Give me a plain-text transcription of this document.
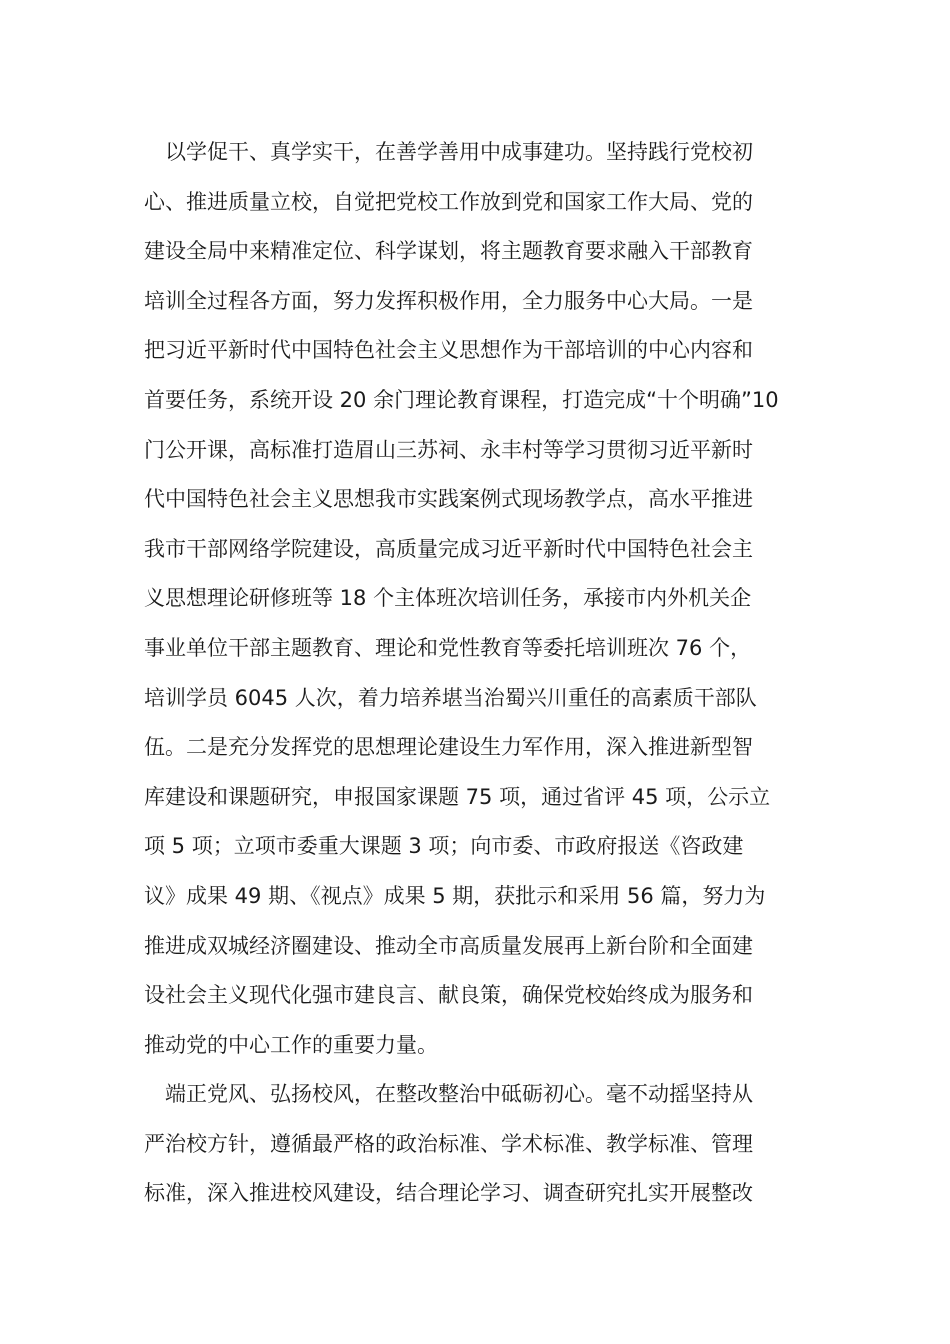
　以学促干、真学实干，在善学善用中成事建功。坚持践行党校初
心、推进质量立校，自觉把党校工作放到党和国家工作大局、党的
建设全局中来精准定位、科学谋划，将主题教育要求融入干部教育
培训全过程各方面，努力发挥积极作用，全力服务中心大局。一是
把习近平新时代中国特色社会主义思想作为干部培训的中心内容和
首要任务，系统开设 20 余门理论教育课程，打造完成“十个明确”10
门公开课，高标准打造眉山三苏祠、永丰村等学习贯彻习近平新时
代中国特色社会主义思想我市实践案例式现场教学点，高水平推进
我市干部网络学院建设，高质量完成习近平新时代中国特色社会主
义思想理论研修班等 18 个主体班次培训任务，承接市内外机关企
事业单位干部主题教育、理论和党性教育等委托培训班次 76 个，
培训学员 6045 人次，着力培养堪当治蜀兴川重任的高素质干部队
伍。二是充分发挥党的思想理论建设生力军作用，深入推进新型智
库建设和课题研究，申报国家课题 75 项，通过省评 45 项，公示立
项 5 项；立项市委重大课题 3 项；向市委、市政府报送《咨政建
议》成果 49 期、《视点》成果 5 期，获批示和采用 56 篇，努力为
推进成双城经济圈建设、推动全市高质量发展再上新台阶和全面建
设社会主义现代化强市建良言、献良策，确保党校始终成为服务和
推动党的中心工作的重要力量。
　端正党风、弘扬校风，在整改整治中砥砺初心。毫不动摇坚持从
严治校方针，遵循最严格的政治标准、学术标准、教学标准、管理
标准，深入推进校风建设，结合理论学习、调查研究扎实开展整改
